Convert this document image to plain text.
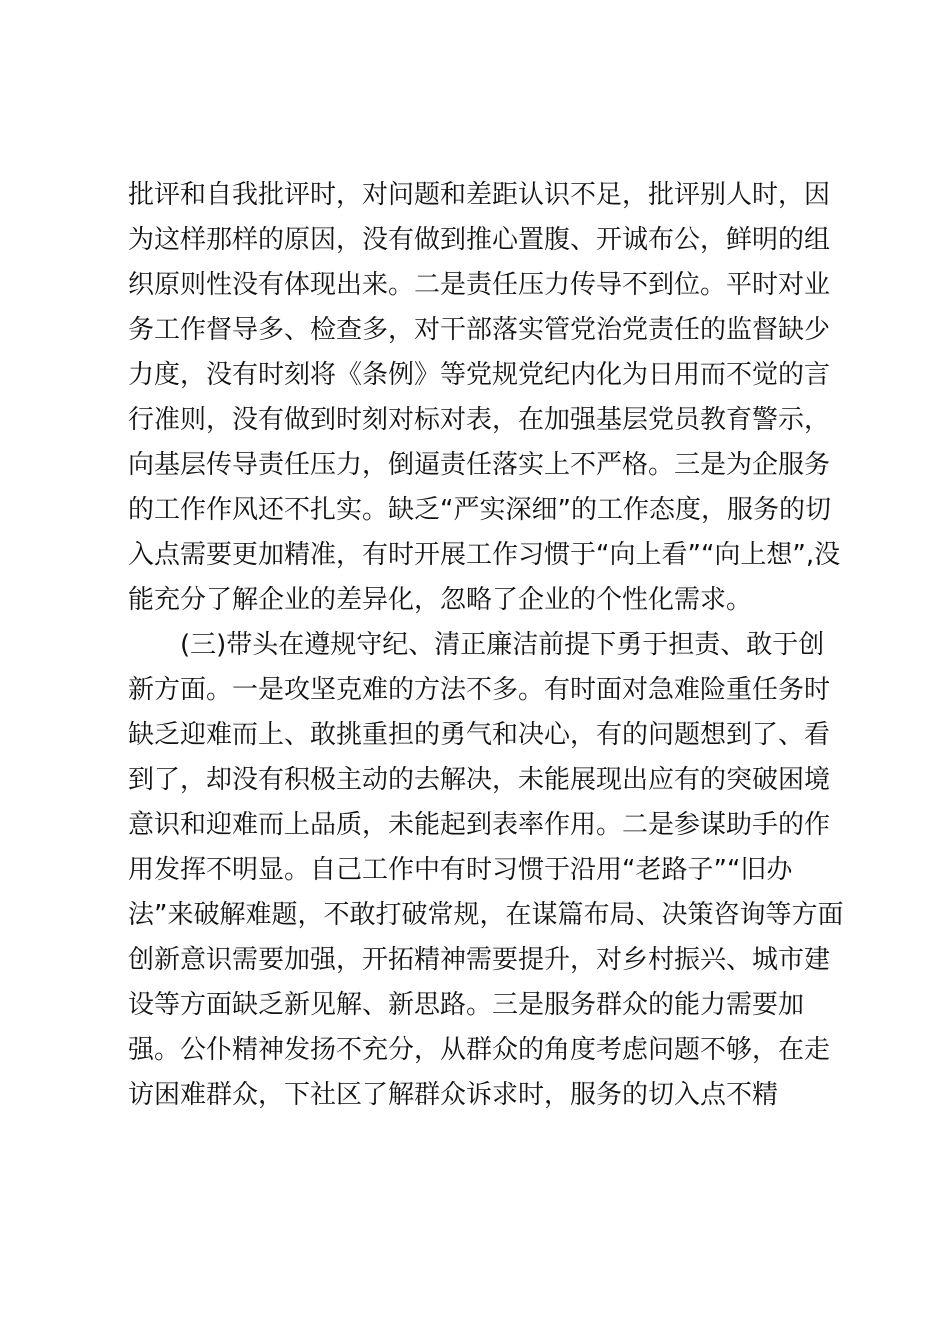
批评和自我批评时，对问题和差距认识不足，批评别人时，因
为这样那样的原因，没有做到推心置腹、开诚布公，鲜明的组
织原则性没有体现出来。二是责任压力传导不到位。平时对业
务工作督导多、检查多，对干部落实管党治党责任的监督缺少
力度，没有时刻将《条例》等党规党纪内化为日用而不觉的言
行准则，没有做到时刻对标对表，在加强基层党员教育警示，
向基层传导责任压力，倒逼责任落实上不严格。三是为企服务
的工作作风还不扎实。缺乏“严实深细”的工作态度，服务的切
入点需要更加精准，有时开展工作习惯于“向上看”“向上想”,没
能充分了解企业的差异化，忽略了企业的个性化需求。
(三)带头在遵规守纪、清正廉洁前提下勇于担责、敢于创
新方面。一是攻坚克难的方法不多。有时面对急难险重任务时
缺乏迎难而上、敢挑重担的勇气和决心，有的问题想到了、看
到了，却没有积极主动的去解决，未能展现出应有的突破困境
意识和迎难而上品质，未能起到表率作用。二是参谋助手的作
用发挥不明显。自己工作中有时习惯于沿用“老路子”“旧办
法”来破解难题，不敢打破常规，在谋篇布局、决策咨询等方面
创新意识需要加强，开拓精神需要提升，对乡村振兴、城市建
设等方面缺乏新见解、新思路。三是服务群众的能力需要加
强。公仆精神发扬不充分，从群众的角度考虑问题不够，在走
访困难群众，下社区了解群众诉求时，服务的切入点不精
